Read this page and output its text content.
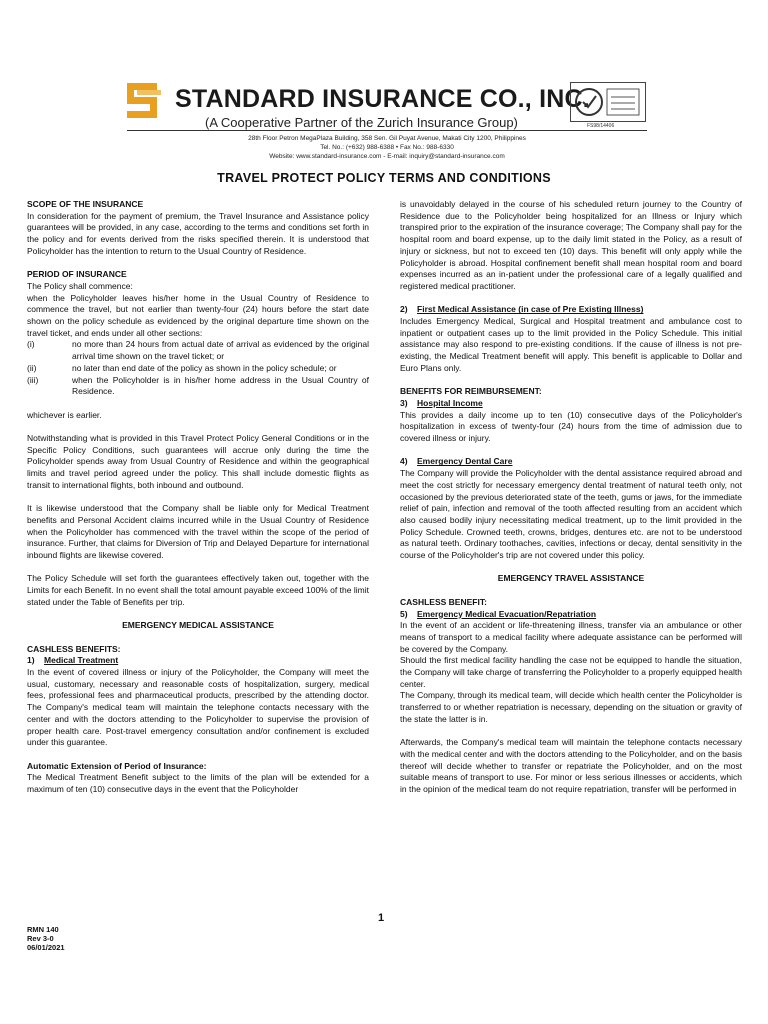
STANDARD INSURANCE CO., INC.
(A Cooperative Partner of the Zurich Insurance Group)	FS98/14406
28th Floor Petron MegaPlaza Building, 358 Sen. Gil Puyat Avenue, Makati City 1200, Philippines
Tel. No.: (+632) 988-6388 • Fax No.: 988-6330
Website: www.standard-insurance.com - E-mail: inquiry@standard-insurance.com
TRAVEL PROTECT POLICY TERMS AND CONDITIONS

SCOPE OF THE INSURANCE

In consideration for the payment of premium, the Travel Insurance and Assistance policy guarantees will be provided, in any case, according to the terms and conditions set forth in the policy and for events derived from the risks specified therein. It is understood that Policyholder has the intention to return to the Usual Country of Residence.

PERIOD OF INSURANCE

The Policy shall commence:

when the Policyholder leaves his/her home in the Usual Country of Residence to commence the travel, but not earlier than twenty-four (24) hours before the start date shown on the policy schedule as evidenced by the original departure time shown on the travel ticket, and ends under all other sections:

(i)	no more than 24 hours from actual date of arrival as evidenced by the original arrival time shown on the travel ticket; or
(ii)	no later than end date of the policy as shown in the policy schedule; or
(iii)	when the Policyholder is in his/her home address in the Usual Country of Residence.

whichever is earlier.

Notwithstanding what is provided in this Travel Protect Policy General Conditions or in the Specific Policy Conditions, such guarantees will accrue only during the time the Policyholder spends away from Usual Country of Residence and within the geographical limits and travel period agreed under the policy. This shall include domestic flights as transit to international flights, both inbound and outbound.

It is likewise understood that the Company shall be liable only for Medical Treatment benefits and Personal Accident claims incurred while in the Usual Country of Residence when the Policyholder has commenced with the travel within the scope of the period of insurance. Further, that claims for Diversion of Trip and Delayed Departure for international inbound flights are likewise covered.

The Policy Schedule will set forth the guarantees effectively taken out, together with the Limits for each Benefit. In no event shall the total amount payable exceed 100% of the limit stated under the Table of Benefits per trip.

EMERGENCY MEDICAL ASSISTANCE

CASHLESS BENEFITS:

1) Medical Treatment

In the event of covered illness or injury of the Policyholder, the Company will meet the usual, customary, necessary and reasonable costs of hospitalization, surgery, medical fees, professional fees and pharmaceutical products, prescribed by the attending doctor. The Company's medical team will maintain the telephone contacts necessary with the center and with the doctors attending to the Policyholder to supervise the provision of proper health care. Post-travel emergency consultation and/or confinement is excluded under this guarantee.

Automatic Extension of Period of Insurance:

The Medical Treatment Benefit subject to the limits of the plan will be extended for a maximum of ten (10) consecutive days in the event that the Policyholder

is unavoidably delayed in the course of his scheduled return journey to the Country of Residence due to the Policyholder being hospitalized for an Illness or Injury which transpired prior to the expiration of the insurance coverage; The Company shall pay for the hospital room and board expense, up to the daily limit stated in the Policy, as a result of injury or sickness, but not to exceed ten (10) days. This benefit will only apply while the Policyholder is abroad. Hospital confinement benefit shall mean hospital room and board expenses incurred as an in-patient under the professional care of a legally qualified and registered medical practitioner.

2) First Medical Assistance (in case of Pre Existing Illness)

Includes Emergency Medical, Surgical and Hospital treatment and ambulance cost to inpatient or outpatient cases up to the limit provided in the Policy Schedule. This initial assistance may also respond to pre-existing conditions. If the cause of illness is not pre-existing, the Medical Treatment benefit will apply. This benefit is applicable to Dollar and Euro Plans only.

BENEFITS FOR REIMBURSEMENT:

3) Hospital Income

This provides a daily income up to ten (10) consecutive days of the Policyholder's hospitalization in excess of twenty-four (24) hours from the time of admission due to covered illness or injury.

4) Emergency Dental Care

The Company will provide the Policyholder with the dental assistance required abroad and meet the cost strictly for necessary emergency dental treatment of natural teeth only, not occasioned by the previous deteriorated state of the teeth, gums or jaws, for the immediate relief of pain, infection and removal of the tooth affected resulting from an accident which also caused bodily injury necessitating medical treatment, up to the limit provided in the Policy Schedule. Crowned teeth, crowns, bridges, dentures etc. are not to be understood as natural teeth. Ordinary toothaches, cavities, infections or decay, dental sensitivity in the course of the Policyholder's trip are not covered under this policy.

EMERGENCY TRAVEL ASSISTANCE

CASHLESS BENEFIT:

5) Emergency Medical Evacuation/Repatriation

In the event of an accident or life-threatening illness, transfer via an ambulance or other means of transport to a medical facility where adequate assistance can be performed will be covered by the Company.

Should the first medical facility handling the case not be equipped to handle the situation, the Company will take charge of transferring the Policyholder to a properly equipped health center.

The Company, through its medical team, will decide which health center the Policyholder is transferred to or whether repatriation is necessary, depending on the situation or gravity of the state the latter is in.

Afterwards, the Company's medical team will maintain the telephone contacts necessary with the medical center and with the doctors attending to the Policyholder, and on the basis thereof will decide whether to transfer or repatriate the Policyholder, and on the most suitable means of transport to use. For minor or less serious illnesses or accidents, which in the opinion of the medical team do not require repatriation, transfer will be performed in

1
RMN 140
Rev 3-0
06/01/2021
